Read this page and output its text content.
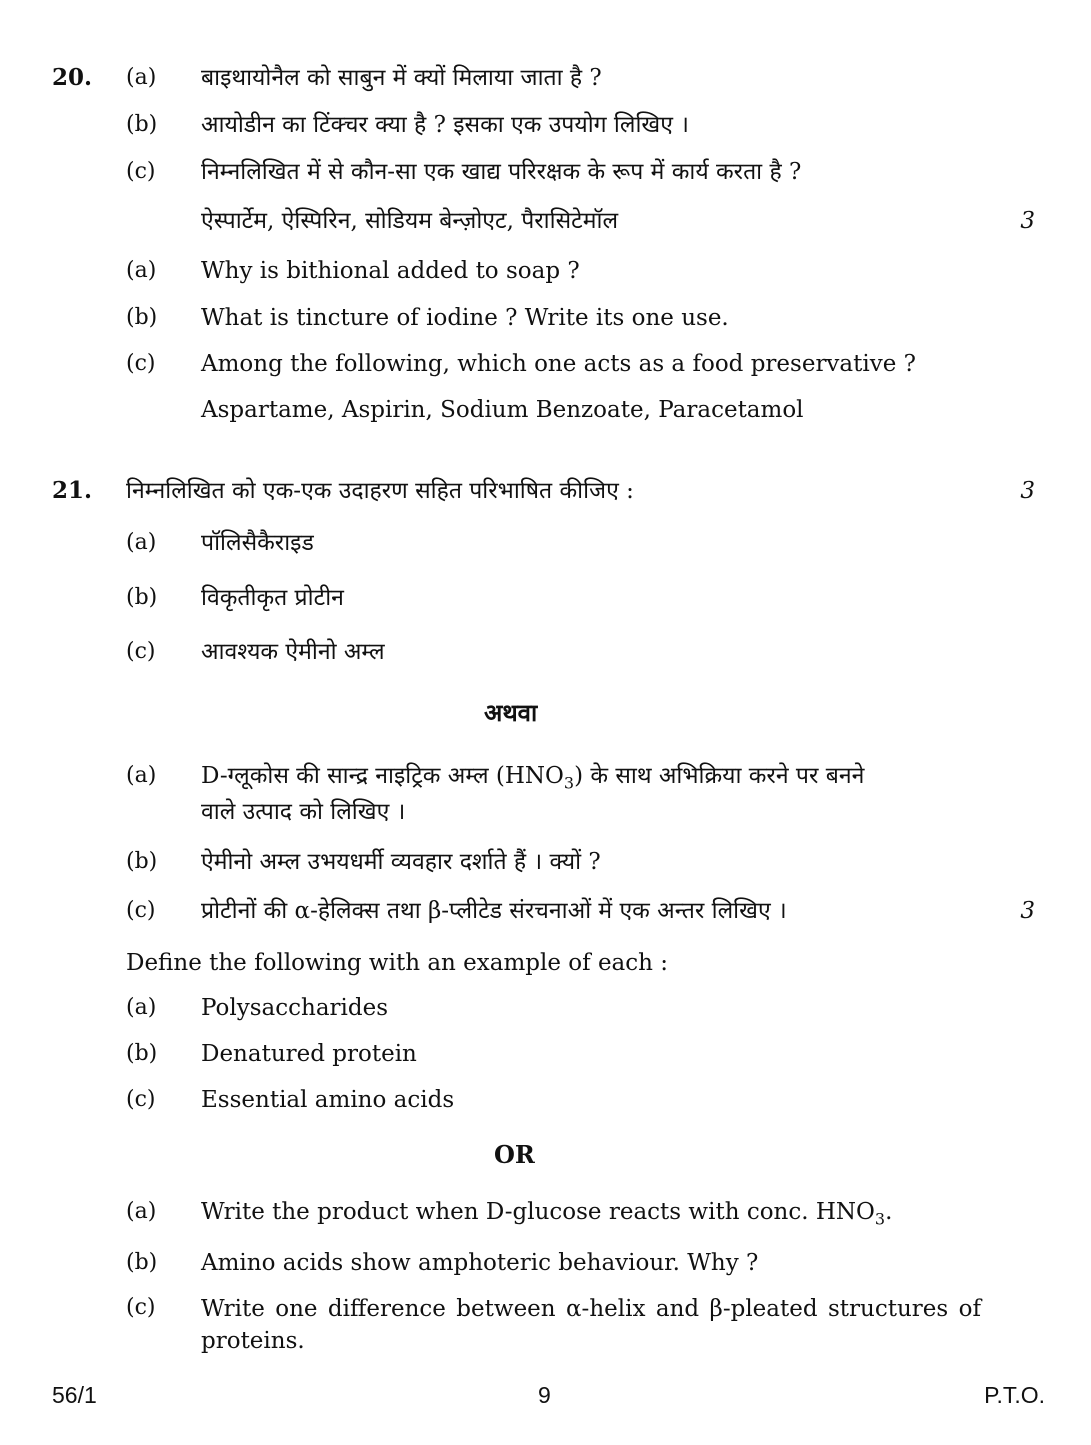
20. (a) बाइथायोनैल को साबुन में क्यों मिलाया जाता है ?
(b) आयोडीन का टिंक्चर क्या है ? इसका एक उपयोग लिखिए ।
(c) निम्नलिखित में से कौन-सा एक खाद्य परिरक्षक के रूप में कार्य करता है ?
ऐस्पार्टेम, ऐस्पिरिन, सोडियम बेन्ज़ोएट, पैरासिटेमॉल	3
(a) Why is bithional added to soap ?
(b) What is tincture of iodine ? Write its one use.
(c) Among the following, which one acts as a food preservative ?
Aspartame, Aspirin, Sodium Benzoate, Paracetamol
21. निम्नलिखित को एक-एक उदाहरण सहित परिभाषित कीजिए :	3
(a) पॉलिसैकैराइड
(b) विकृतीकृत प्रोटीन
(c) आवश्यक ऐमीनो अम्ल
अथवा
(a) D-ग्लूकोस की सान्द्र नाइट्रिक अम्ल $(HNO_3)$ के साथ अभिक्रिया करने पर बनने
वाले उत्पाद को लिखिए ।
(b) ऐमीनो अम्ल उभयधर्मी व्यवहार दर्शाते हैं । क्यों ?
(c) प्रोटीनों की α-हेलिक्स तथा β-प्लीटेड संरचनाओं में एक अन्तर लिखिए ।	3
Define the following with an example of each :
(a) Polysaccharides
(b) Denatured protein
(c) Essential amino acids
OR
(a) Write the product when D-glucose reacts with conc. $HNO_3$.
(b) Amino acids show amphoteric behaviour. Why ?
(c) Write one difference between α-helix and β-pleated structures of proteins.
56/1	9	P.T.O.
